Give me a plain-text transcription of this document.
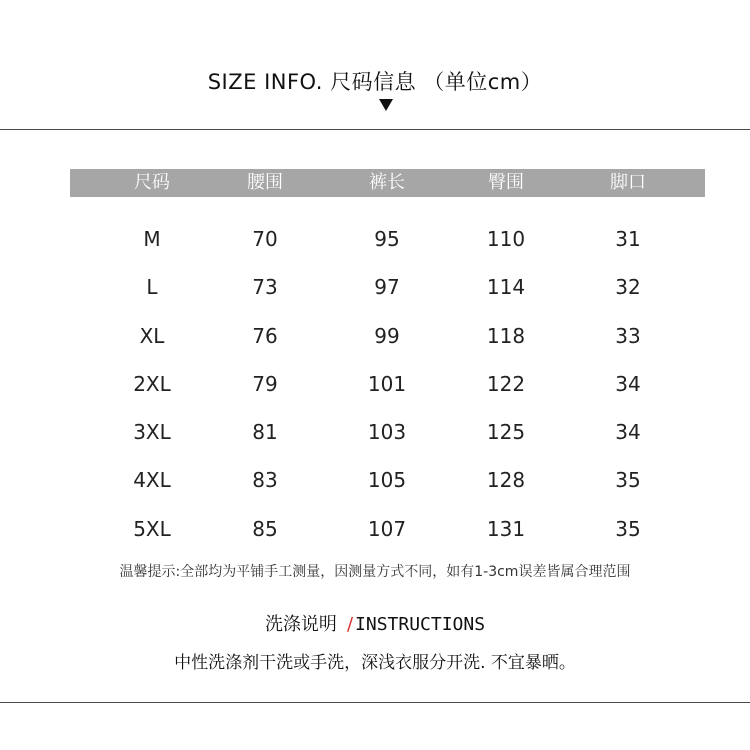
SIZE INFO. 尺码信息 （单位cm）
尺码	腰围	裤长	臀围	脚口
M	70	95	110	31
L	73	97	114	32
XL	76	99	118	33
2XL	79	101	122	34
3XL	81	103	125	34
4XL	83	105	128	35
5XL	85	107	131	35
温馨提示:全部均为平铺手工测量，因测量方式不同，如有1-3cm误差皆属合理范围
洗涤说明 / INSTRUCTIONS
中性洗涤剂干洗或手洗，深浅衣服分开洗. 不宜暴晒。
